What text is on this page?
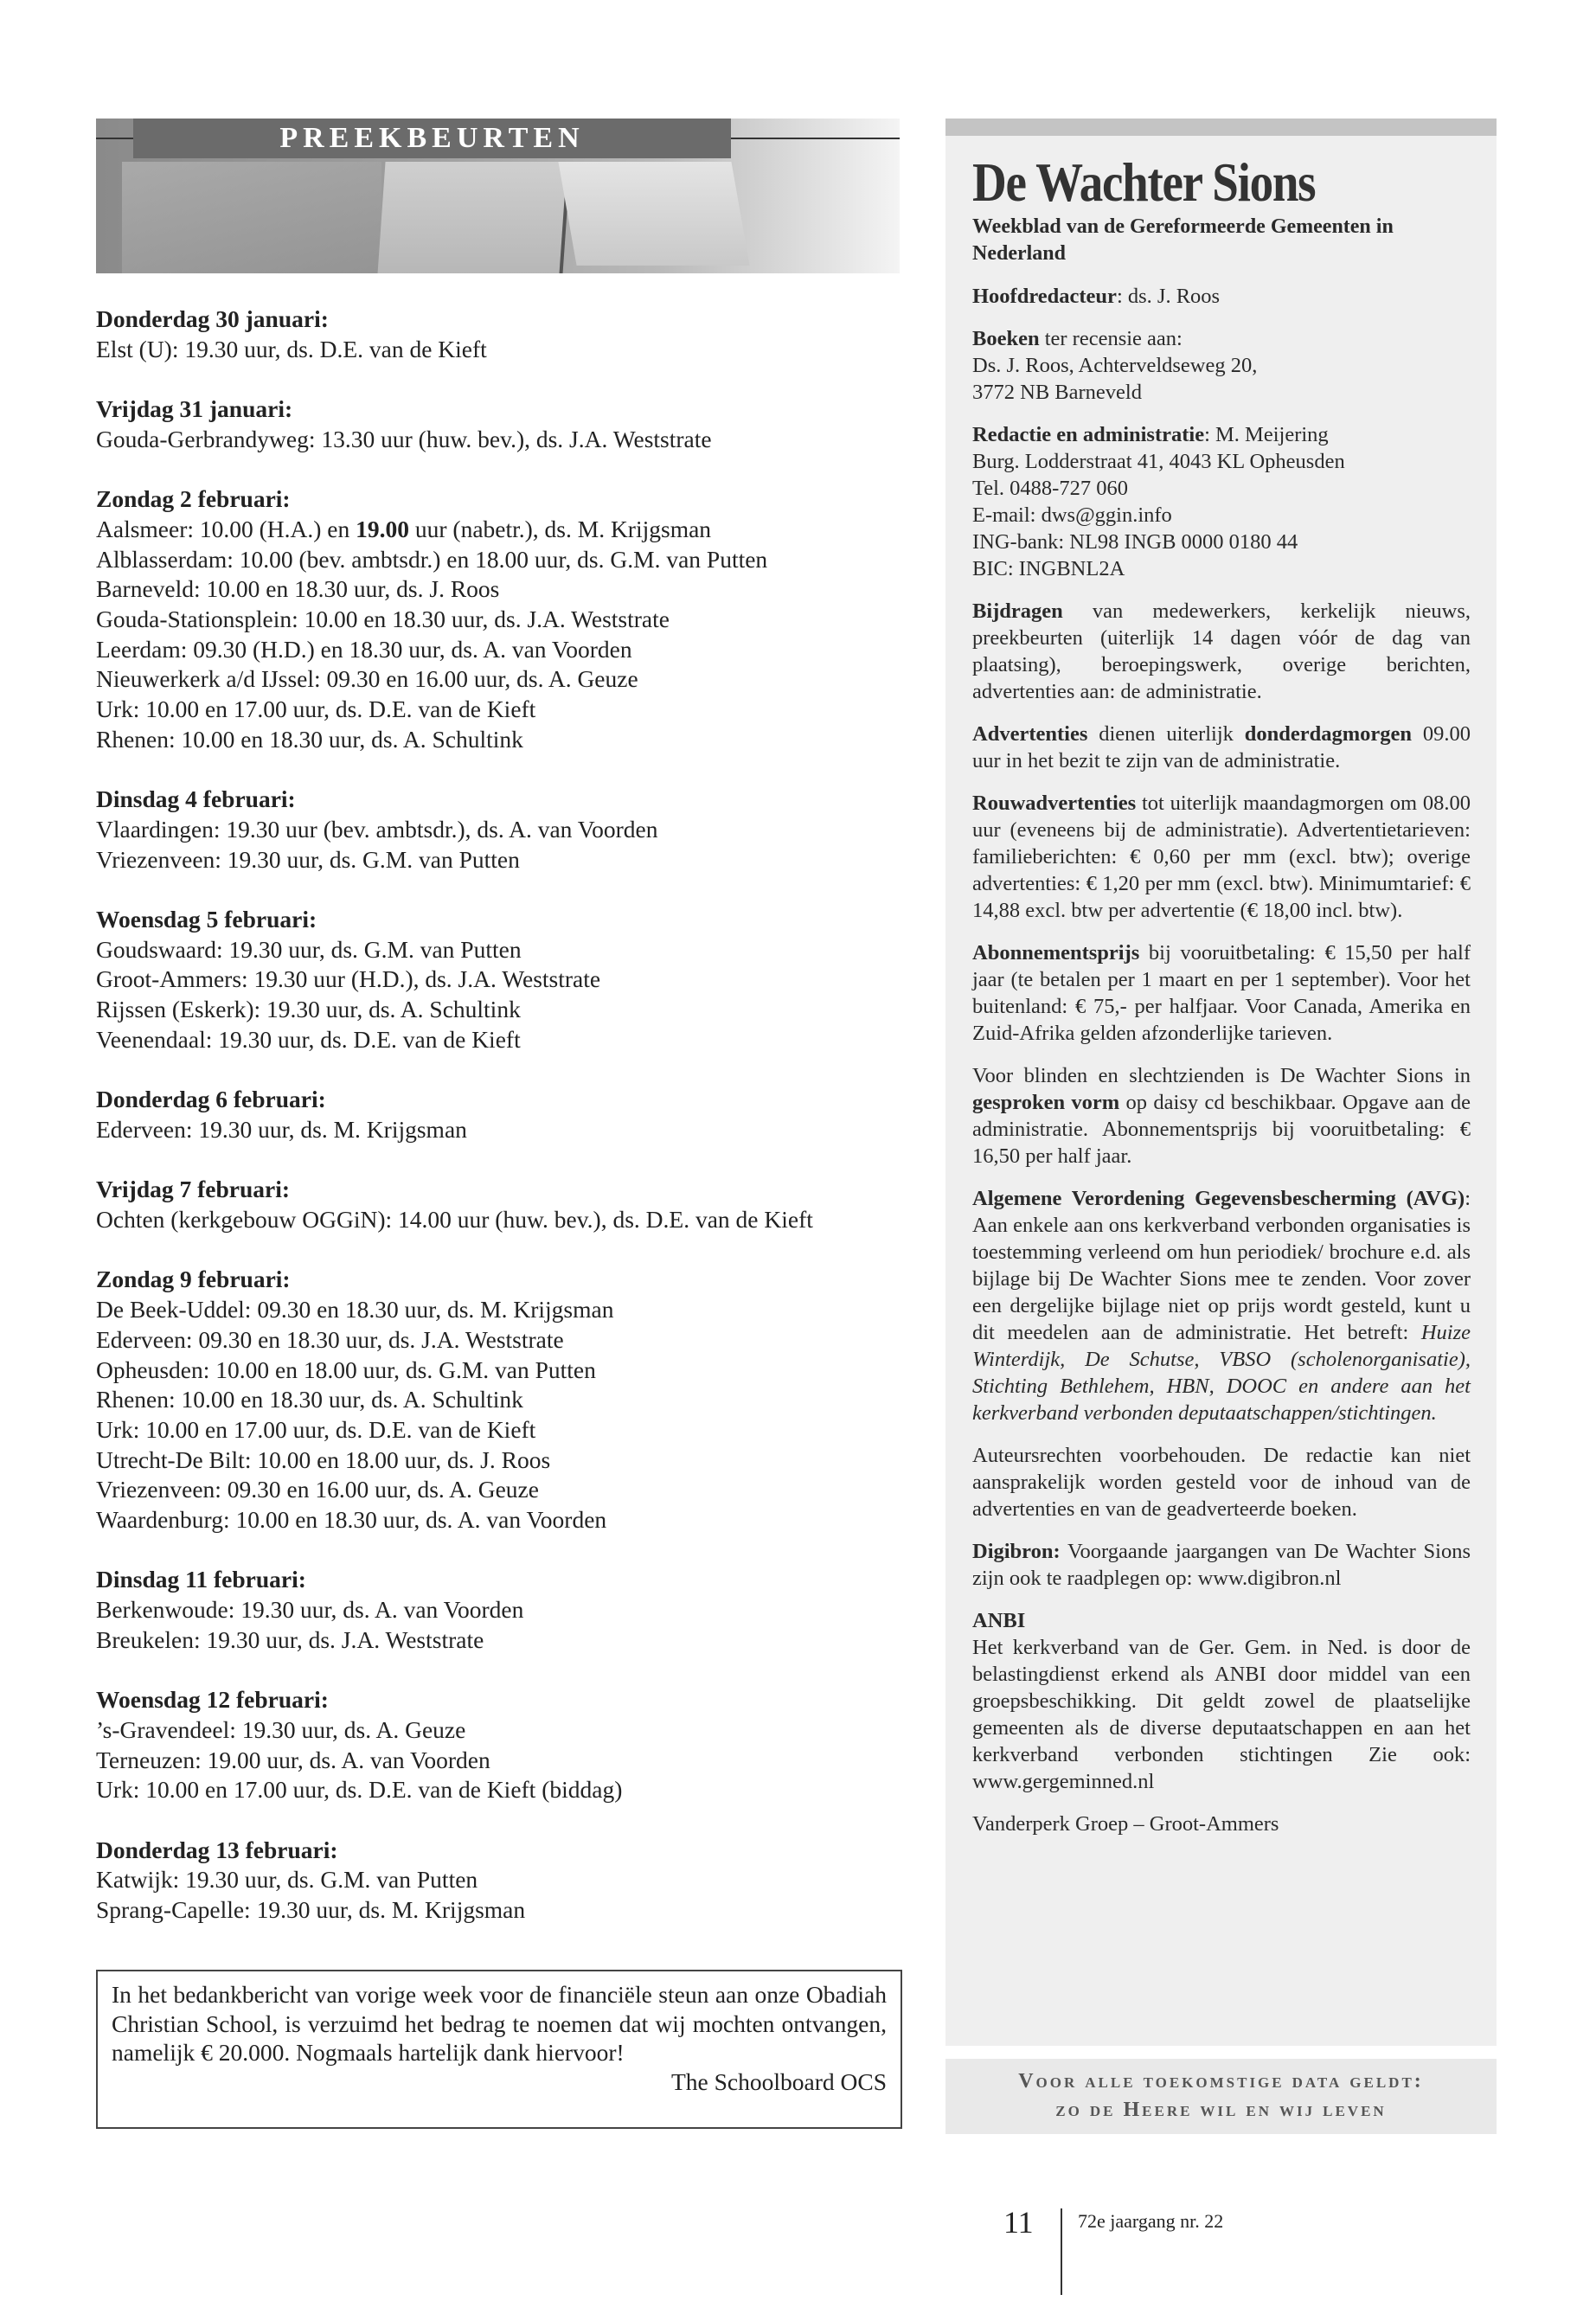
PREEKBEURTEN
Donderdag 30 januari:
Elst (U): 19.30 uur, ds. D.E. van de Kieft
Vrijdag 31 januari:
Gouda-Gerbrandyweg: 13.30 uur (huw. bev.), ds. J.A. Weststrate
Zondag 2 februari:
Aalsmeer: 10.00 (H.A.) en 19.00 uur (nabetr.), ds. M. Krijgsman
Alblasserdam: 10.00 (bev. ambtsdr.) en 18.00 uur, ds. G.M. van Putten
Barneveld: 10.00 en 18.30 uur, ds. J. Roos
Gouda-Stationsplein: 10.00 en 18.30 uur, ds. J.A. Weststrate
Leerdam: 09.30 (H.D.) en 18.30 uur, ds. A. van Voorden
Nieuwerkerk a/d IJssel: 09.30 en 16.00 uur, ds. A. Geuze
Urk: 10.00 en 17.00 uur, ds. D.E. van de Kieft
Rhenen: 10.00 en 18.30 uur, ds. A. Schultink
Dinsdag 4 februari:
Vlaardingen: 19.30 uur (bev. ambtsdr.), ds. A. van Voorden
Vriezenveen: 19.30 uur, ds. G.M. van Putten
Woensdag 5 februari:
Goudswaard: 19.30 uur, ds. G.M. van Putten
Groot-Ammers: 19.30 uur (H.D.), ds. J.A. Weststrate
Rijssen (Eskerk): 19.30 uur, ds. A. Schultink
Veenendaal: 19.30 uur, ds. D.E. van de Kieft
Donderdag 6 februari:
Ederveen: 19.30 uur, ds. M. Krijgsman
Vrijdag 7 februari:
Ochten (kerkgebouw OGGiN): 14.00 uur (huw. bev.), ds. D.E. van de Kieft
Zondag 9 februari:
De Beek-Uddel: 09.30 en 18.30 uur, ds. M. Krijgsman
Ederveen: 09.30 en 18.30 uur, ds. J.A. Weststrate
Opheusden: 10.00 en 18.00 uur, ds. G.M. van Putten
Rhenen: 10.00 en 18.30 uur, ds. A. Schultink
Urk: 10.00 en 17.00 uur, ds. D.E. van de Kieft
Utrecht-De Bilt: 10.00 en 18.00 uur, ds. J. Roos
Vriezenveen: 09.30 en 16.00 uur, ds. A. Geuze
Waardenburg: 10.00 en 18.30 uur, ds. A. van Voorden
Dinsdag 11 februari:
Berkenwoude: 19.30 uur, ds. A. van Voorden
Breukelen: 19.30 uur, ds. J.A. Weststrate
Woensdag 12 februari:
’s-Gravendeel: 19.30 uur, ds. A. Geuze
Terneuzen: 19.00 uur, ds. A. van Voorden
Urk: 10.00 en 17.00 uur, ds. D.E. van de Kieft (biddag)
Donderdag 13 februari:
Katwijk: 19.30 uur, ds. G.M. van Putten
Sprang-Capelle: 19.30 uur, ds. M. Krijgsman
In het bedankbericht van vorige week voor de financiële steun aan onze Obadiah Christian School, is verzuimd het bedrag te noemen dat wij mochten ontvangen, namelijk € 20.000. Nogmaals hartelijk dank hiervoor!
The Schoolboard OCS
De Wachter Sions
Weekblad van de Gereformeerde Gemeenten in Nederland
Hoofdredacteur: ds. J. Roos
Boeken ter recensie aan:
Ds. J. Roos, Achterveldseweg 20,
3772 NB Barneveld
Redactie en administratie: M. Meijering
Burg. Lodderstraat 41, 4043 KL Opheusden
Tel. 0488-727 060
E-mail: dws@ggin.info
ING-bank: NL98 INGB 0000 0180 44
BIC: INGBNL2A
Bijdragen van medewerkers, kerkelijk nieuws, preekbeurten (uiterlijk 14 dagen vóór de dag van plaatsing), beroepingswerk, overige berichten, advertenties aan: de administratie.
Advertenties dienen uiterlijk donderdagmorgen 09.00 uur in het bezit te zijn van de administratie.
Rouwadvertenties tot uiterlijk maandagmorgen om 08.00 uur (eveneens bij de administratie). Advertentietarieven: familieberichten: € 0,60 per mm (excl. btw); overige advertenties: € 1,20 per mm (excl. btw). Minimumtarief: € 14,88 excl. btw per advertentie (€ 18,00 incl. btw).
Abonnementsprijs bij vooruitbetaling: € 15,50 per half jaar (te betalen per 1 maart en per 1 september). Voor het buitenland: € 75,- per halfjaar. Voor Canada, Amerika en Zuid-Afrika gelden afzonderlijke tarieven.
Voor blinden en slechtzienden is De Wachter Sions in gesproken vorm op daisy cd beschikbaar. Opgave aan de administratie. Abonnementsprijs bij vooruitbetaling: € 16,50 per half jaar.
Algemene Verordening Gegevensbescherming (AVG): Aan enkele aan ons kerkverband verbonden organisaties is toestemming verleend om hun periodiek/ brochure e.d. als bijlage bij De Wachter Sions mee te zenden. Voor zover een dergelijke bijlage niet op prijs wordt gesteld, kunt u dit meedelen aan de administratie. Het betreft: Huize Winterdijk, De Schutse, VBSO (scholenorganisatie), Stichting Bethlehem, HBN, DOOC en andere aan het kerkverband verbonden deputaatschappen/stichtingen.
Auteursrechten voorbehouden. De redactie kan niet aansprakelijk worden gesteld voor de inhoud van de advertenties en van de geadverteerde boeken.
Digibron: Voorgaande jaargangen van De Wachter Sions zijn ook te raadplegen op: www.digibron.nl
ANBI
Het kerkverband van de Ger. Gem. in Ned. is door de belastingdienst erkend als ANBI door middel van een groepsbeschikking. Dit geldt zowel de plaatselijke gemeenten als de diverse deputaatschappen en aan het kerkverband verbonden stichtingen Zie ook: www.gergeminned.nl
Vanderperk Groep – Groot-Ammers
Voor alle toekomstige data geldt:
zo de Heere wil en wij leven
11 72e jaargang nr. 22
